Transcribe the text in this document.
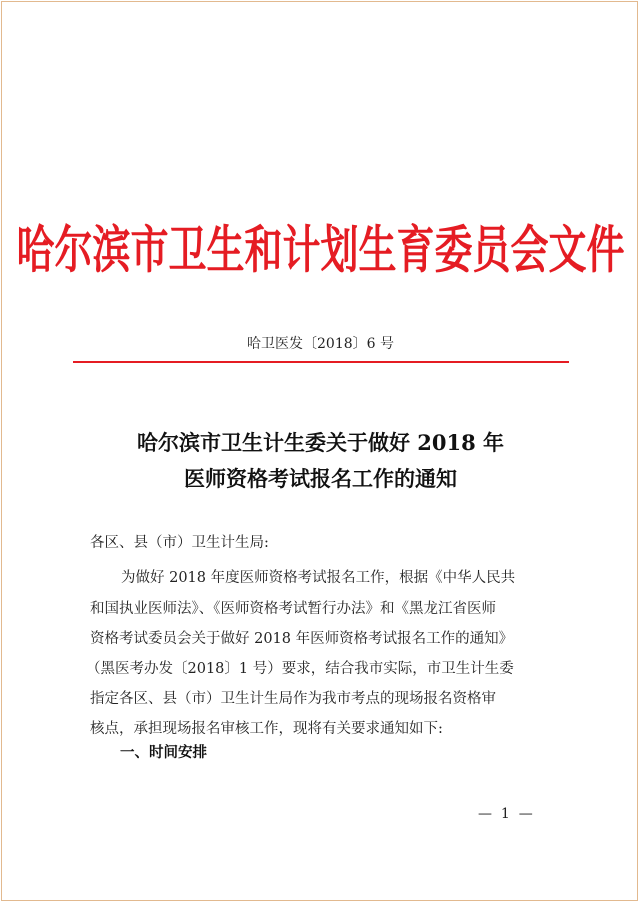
哈尔滨市卫生和计划生育委员会文件
哈卫医发〔2018〕6 号
哈尔滨市卫生计生委关于做好 2018 年
医师资格考试报名工作的通知
各区、县（市）卫生计生局:
为做好 2018 年度医师资格考试报名工作，根据《中华人民共
和国执业医师法》、《医师资格考试暂行办法》和《黑龙江省医师
资格考试委员会关于做好 2018 年医师资格考试报名工作的通知》
（黑医考办发〔2018〕1 号）要求，结合我市实际，市卫生计生委
指定各区、县（市）卫生计生局作为我市考点的现场报名资格审
核点，承担现场报名审核工作，现将有关要求通知如下:
一、时间安排
—  1  —
